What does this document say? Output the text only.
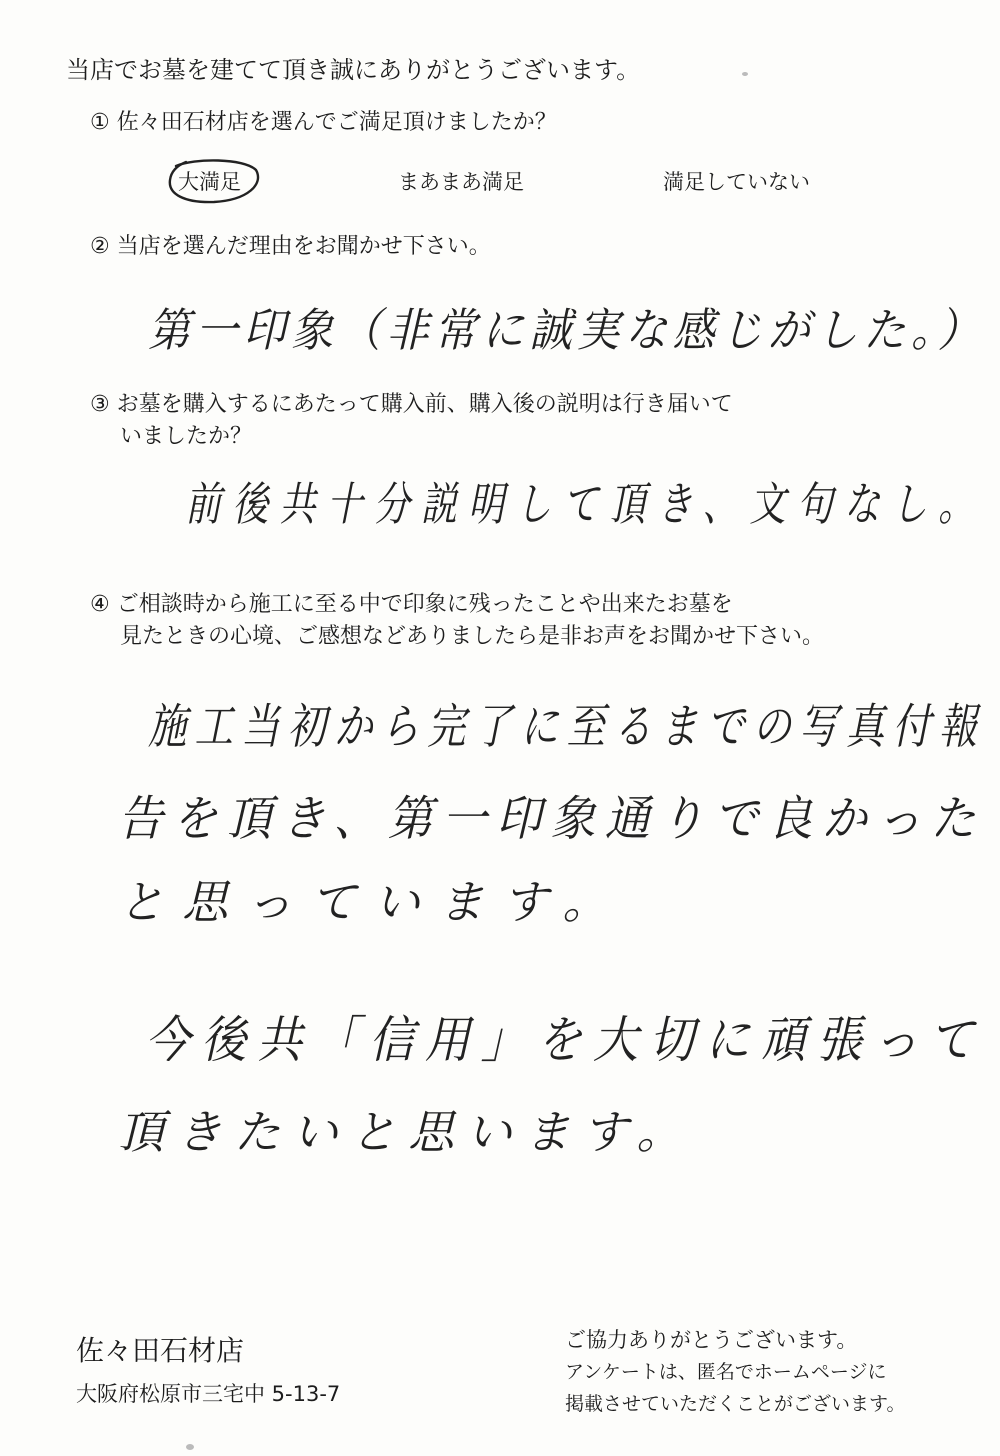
当店でお墓を建てて頂き誠にありがとうございます。
① 佐々田石材店を選んでご満足頂けましたか？
大満足	まあまあ満足	満足していない
② 当店を選んだ理由をお聞かせ下さい。
第一印象（非常に誠実な感じがした。）
③ お墓を購入するにあたって購入前、購入後の説明は行き届いて
いましたか？
前後共十分説明して頂き、文句なし。
④ ご相談時から施工に至る中で印象に残ったことや出来たお墓を
見たときの心境、ご感想などありましたら是非お声をお聞かせ下さい。
施工当初から完了に至るまでの写真付報
告を頂き、第一印象通りで良かった
と思っています。
今後共「信用」を大切に頑張って
頂きたいと思います。
佐々田石材店
大阪府松原市三宅中 5-13-7
ご協力ありがとうございます。
アンケートは、匿名でホームページに
掲載させていただくことがございます。
